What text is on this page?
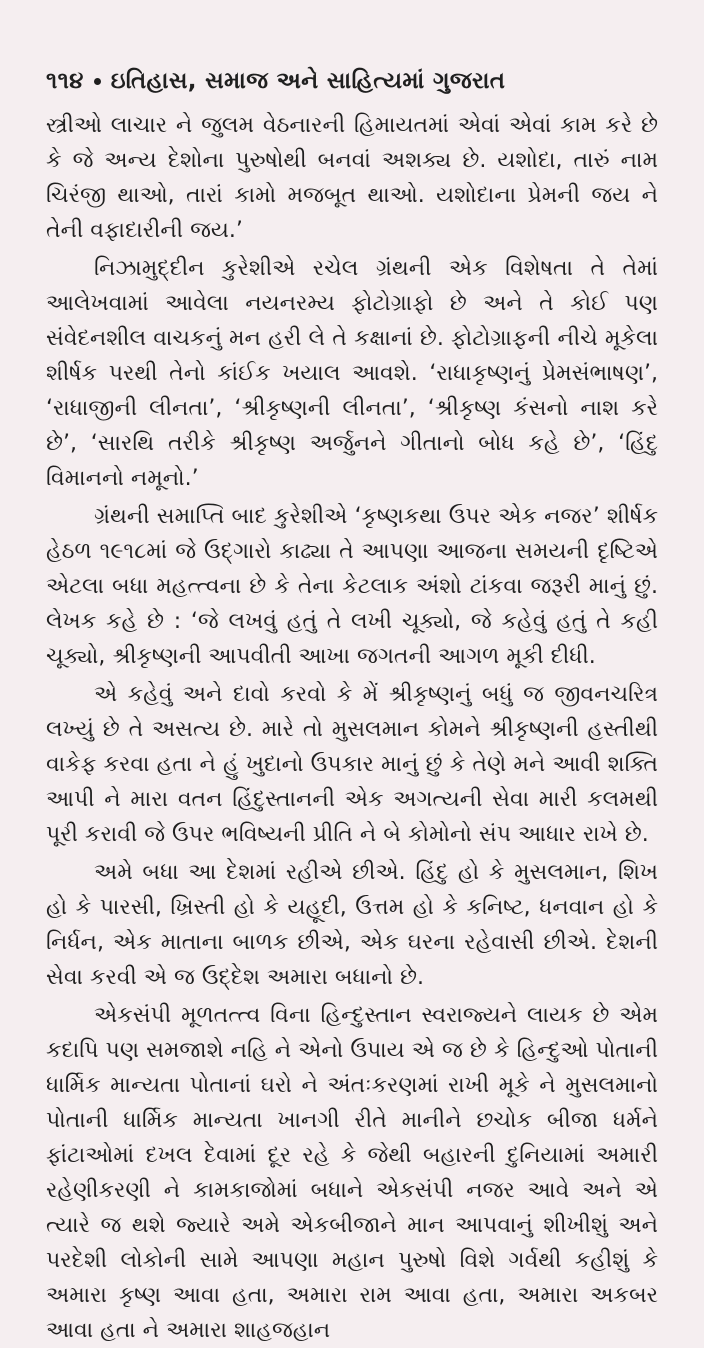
૧૧૪ ઇતિહાસ, સમાજ અને સાહિત્યમાં ગુજરાત

સ્ત્રીઓ લાચાર ને જુલમ વેઠનારની હિમાયતમાં એવાં એવાં કામ કરે છે કે જે અન્ય દેશોના પુરુષોથી બનવાં અશક્ય છે. યશોદા, તારું નામ ચિરંજી થાઓ, તારાં કામો મજબૂત થાઓ. યશોદાના પ્રેમની જય ને તેની વફાદારીની જય.’

નિઝામુદ્દીન કુરેશીએ રચેલ ગ્રંથની એક વિશેષતા તે તેમાં આલેખવામાં આવેલા નયનરમ્ય ફોટોગ્રાફો છે અને તે કોઈ પણ સંવેદનશીલ વાચકનું મન હરી લે તે કક્ષાનાં છે. ફોટોગ્રાફની નીચે મૂકેલા શીર્ષક પરથી તેનો કાંઈક ખયાલ આવશે. ‘રાધાકૃષ્ણનું પ્રેમસંભાષણ’, ‘રાધાજીની લીનતા’, ‘શ્રીકૃષ્ણની લીનતા’, ‘શ્રીકૃષ્ણ કંસનો નાશ કરે છે’, ‘સારથિ તરીકે શ્રીકૃષ્ણ અર્જુનને ગીતાનો બોધ કહે છે’, ‘હિંદુ વિમાનનો નમૂનો.’

ગ્રંથની સમાપ્તિ બાદ કુરેશીએ ‘કૃષ્ણકથા ઉપર એક નજર’ શીર્ષક હેઠળ ૧૯૧૮માં જે ઉદ્ગારો કાઢ્યા તે આપણા આજના સમયની દૃષ્ટિએ એટલા બધા મહત્ત્વના છે કે તેના કેટલાક અંશો ટાંકવા જરૂરી માનું છું. લેખક કહે છે : ‘જે લખવું હતું તે લખી ચૂક્યો, જે કહેવું હતું તે કહી ચૂક્યો, શ્રીકૃષ્ણની આપવીતી આખા જગતની આગળ મૂકી દીધી.

એ કહેવું અને દાવો કરવો કે મેં શ્રીકૃષ્ણનું બધું જ જીવનચરિત્ર લખ્યું છે તે અસત્ય છે. મારે તો મુસલમાન કોમને શ્રીકૃષ્ણની હસ્તીથી વાકેફ કરવા હતા ને હું ખુદાનો ઉપકાર માનું છું કે તેણે મને આવી શક્તિ આપી ને મારા વતન હિંદુસ્તાનની એક અગત્યની સેવા મારી કલમથી પૂરી કરાવી જે ઉપર ભવિષ્યની પ્રીતિ ને બે કોમોનો સંપ આધાર રાખે છે.

અમે બધા આ દેશમાં રહીએ છીએ. હિંદુ હો કે મુસલમાન, શિખ હો કે પારસી, ખ્રિસ્તી હો કે યહૂદી, ઉત્તમ હો કે કનિષ્ટ, ધનવાન હો કે નિર્ધન, એક માતાના બાળક છીએ, એક ઘરના રહેવાસી છીએ. દેશની સેવા કરવી એ જ ઉદ્દેશ અમારા બધાનો છે.

એકસંપી મૂળતત્ત્વ વિના હિન્દુસ્તાન સ્વરાજ્યને લાયક છે એમ કદાપિ પણ સમજાશે નહિ ને એનો ઉપાય એ જ છે કે હિન્દુઓ પોતાની ધાર્મિક માન્યતા પોતાનાં ઘરો ને અંતઃકરણમાં રાખી મૂકે ને મુસલમાનો પોતાની ધાર્મિક માન્યતા ખાનગી રીતે માનીને છચોક બીજા ધર્મને ફાંટાઓમાં દખલ દેવામાં દૂર રહે કે જેથી બહારની દુનિયામાં અમારી રહેણીકરણી ને કામકાજોમાં બધાને એકસંપી નજર આવે અને એ ત્યારે જ થશે જ્યારે અમે એકબીજાને માન આપવાનું શીખીશું અને પરદેશી લોકોની સામે આપણા મહાન પુરુષો વિશે ગર્વથી કહીશું કે અમારા કૃષ્ણ આવા હતા, અમારા રામ આવા હતા, અમારા અકબર આવા હતા ને અમારા શાહજહાન
